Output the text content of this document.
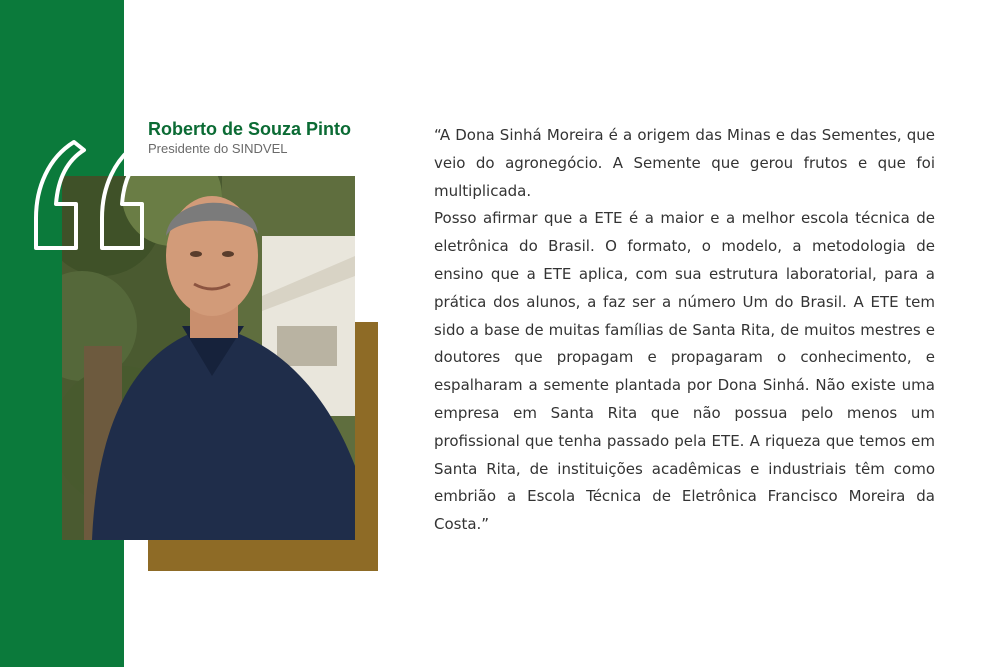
Roberto de Souza Pinto
Presidente do SINDVEL

“A Dona Sinhá Moreira é a origem das Minas e das Sementes, que veio do agronegócio. A Semente que gerou frutos e que foi multiplicada.

Posso afirmar que a ETE é a maior e a melhor escola técnica de eletrônica do Brasil. O formato, o modelo, a metodologia de ensino que a ETE aplica, com sua estrutura laboratorial, para a prática dos alunos, a faz ser a número Um do Brasil. A ETE tem sido a base de muitas famílias de Santa Rita, de muitos mestres e doutores que propagam e propagaram o conhecimento, e espalharam a semente plantada por Dona Sinhá. Não existe uma empresa em Santa Rita que não possua pelo menos um profissional que tenha passado pela ETE. A riqueza que temos em Santa Rita, de instituições acadêmicas e industriais têm como embrião a Escola Técnica de Eletrônica Francisco Moreira da Costa.”
